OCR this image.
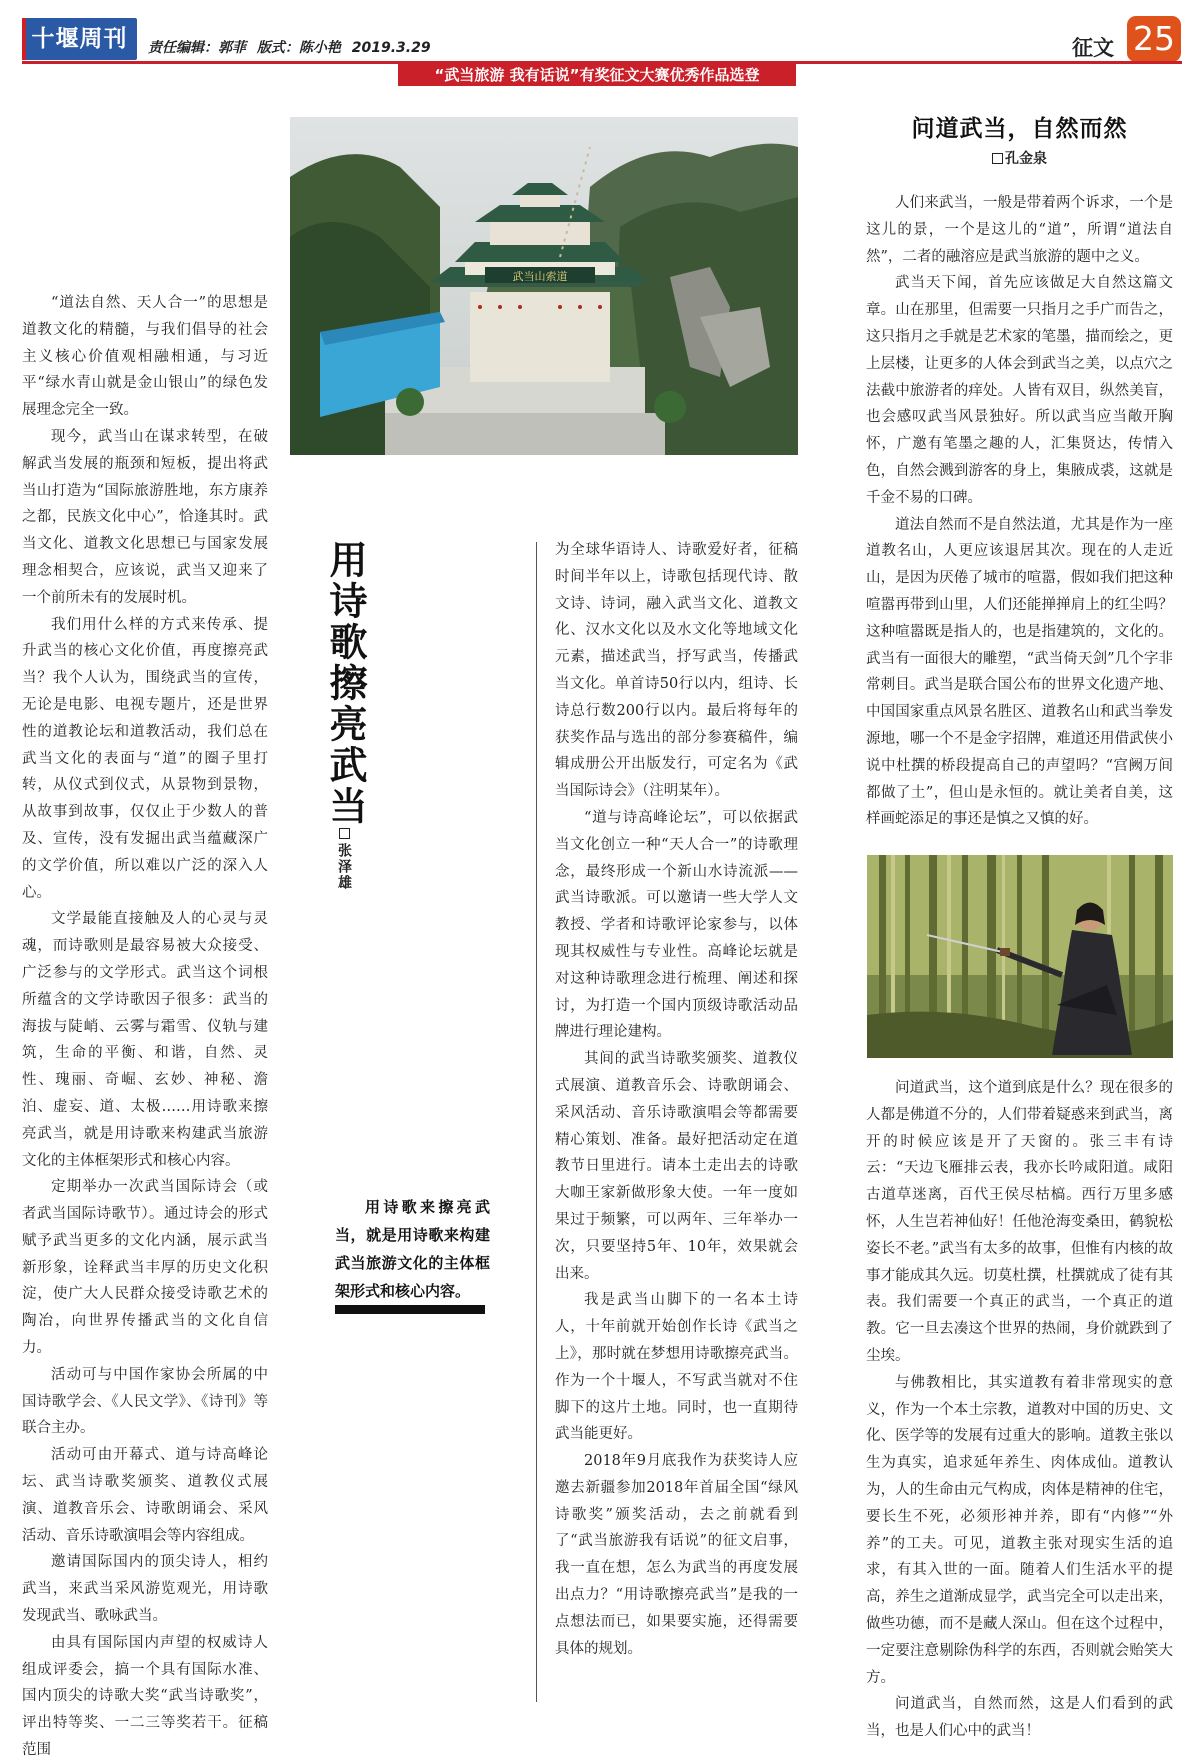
十堰周刊	责任编辑：郭菲 版式：陈小艳 2019.3.29	征文 25
“武当旅游 我有话说”有奖征文大赛优秀作品选登

“道法自然、天人合一”的思想是道教文化的精髓，与我们倡导的社会主义核心价值观相融相通，与习近平“绿水青山就是金山银山”的绿色发展理念完全一致。

现今，武当山在谋求转型，在破解武当发展的瓶颈和短板，提出将武当山打造为“国际旅游胜地，东方康养之都，民族文化中心”，恰逢其时。武当文化、道教文化思想已与国家发展理念相契合，应该说，武当又迎来了一个前所未有的发展时机。

我们用什么样的方式来传承、提升武当的核心文化价值，再度擦亮武当？我个人认为，围绕武当的宣传，无论是电影、电视专题片，还是世界性的道教论坛和道教活动，我们总在武当文化的表面与“道”的圈子里打转，从仪式到仪式，从景物到景物，从故事到故事，仅仅止于少数人的普及、宣传，没有发掘出武当蕴藏深广的文学价值，所以难以广泛的深入人心。

文学最能直接触及人的心灵与灵魂，而诗歌则是最容易被大众接受、广泛参与的文学形式。武当这个词根所蕴含的文学诗歌因子很多：武当的海拔与陡峭、云雾与霜雪、仪轨与建筑，生命的平衡、和谐，自然、灵性、瑰丽、奇崛、玄妙、神秘、澹泊、虚妄、道、太极……用诗歌来擦亮武当，就是用诗歌来构建武当旅游文化的主体框架形式和核心内容。

定期举办一次武当国际诗会（或者武当国际诗歌节）。通过诗会的形式赋予武当更多的文化内涵，展示武当新形象，诠释武当丰厚的历史文化积淀，使广大人民群众接受诗歌艺术的陶冶，向世界传播武当的文化自信力。

活动可与中国作家协会所属的中国诗歌学会、《人民文学》、《诗刊》等联合主办。

活动可由开幕式、道与诗高峰论坛、武当诗歌奖颁奖、道教仪式展演、道教音乐会、诗歌朗诵会、采风活动、音乐诗歌演唱会等内容组成。

邀请国际国内的顶尖诗人，相约武当，来武当采风游览观光，用诗歌发现武当、歌咏武当。

由具有国际国内声望的权威诗人组成评委会，搞一个具有国际水准、国内顶尖的诗歌大奖“武当诗歌奖”，评出特等奖、一二三等奖若干。征稿范围

武当山索道
用诗歌擦亮武当
张泽雄
用诗歌来擦亮武当，就是用诗歌来构建武当旅游文化的主体框架形式和核心内容。

为全球华语诗人、诗歌爱好者，征稿时间半年以上，诗歌包括现代诗、散文诗、诗词，融入武当文化、道教文化、汉水文化以及水文化等地域文化元素，描述武当，抒写武当，传播武当文化。单首诗50行以内，组诗、长诗总行数200行以内。最后将每年的获奖作品与选出的部分参赛稿件，编辑成册公开出版发行，可定名为《武当国际诗会》（注明某年）。

“道与诗高峰论坛”，可以依据武当文化创立一种“天人合一”的诗歌理念，最终形成一个新山水诗流派——武当诗歌派。可以邀请一些大学人文教授、学者和诗歌评论家参与，以体现其权威性与专业性。高峰论坛就是对这种诗歌理念进行梳理、阐述和探讨，为打造一个国内顶级诗歌活动品牌进行理论建构。

其间的武当诗歌奖颁奖、道教仪式展演、道教音乐会、诗歌朗诵会、采风活动、音乐诗歌演唱会等都需要精心策划、准备。最好把活动定在道教节日里进行。请本土走出去的诗歌大咖王家新做形象大使。一年一度如果过于频繁，可以两年、三年举办一次，只要坚持5年、10年，效果就会出来。

我是武当山脚下的一名本土诗人，十年前就开始创作长诗《武当之上》，那时就在梦想用诗歌擦亮武当。作为一个十堰人，不写武当就对不住脚下的这片土地。同时，也一直期待武当能更好。

2018年9月底我作为获奖诗人应邀去新疆参加2018年首届全国“绿风诗歌奖”颁奖活动，去之前就看到了“武当旅游我有话说”的征文启事，我一直在想，怎么为武当的再度发展出点力？“用诗歌擦亮武当”是我的一点想法而已，如果要实施，还得需要具体的规划。

问道武当，自然而然
孔金泉

人们来武当，一般是带着两个诉求，一个是这儿的景，一个是这儿的“道”，所谓“道法自然”，二者的融溶应是武当旅游的题中之义。

武当天下闻，首先应该做足大自然这篇文章。山在那里，但需要一只指月之手广而告之，这只指月之手就是艺术家的笔墨，描而绘之，更上层楼，让更多的人体会到武当之美，以点穴之法截中旅游者的痒处。人皆有双目，纵然美盲，也会感叹武当风景独好。所以武当应当敞开胸怀，广邀有笔墨之趣的人，汇集贤达，传情入色，自然会溅到游客的身上，集腋成裘，这就是千金不易的口碑。

道法自然而不是自然法道，尤其是作为一座道教名山，人更应该退居其次。现在的人走近山，是因为厌倦了城市的喧嚣，假如我们把这种喧嚣再带到山里，人们还能掸掸肩上的红尘吗？这种喧嚣既是指人的，也是指建筑的，文化的。武当有一面很大的雕塑，“武当倚天剑”几个字非常刺目。武当是联合国公布的世界文化遗产地、中国国家重点风景名胜区、道教名山和武当拳发源地，哪一个不是金字招牌，难道还用借武侠小说中杜撰的桥段提高自己的声望吗？“宫阙万间都做了土”，但山是永恒的。就让美者自美，这样画蛇添足的事还是慎之又慎的好。

问道武当，这个道到底是什么？现在很多的人都是佛道不分的，人们带着疑惑来到武当，离开的时候应该是开了天窗的。张三丰有诗云：“天边飞雁排云表，我亦长吟咸阳道。咸阳古道草迷离，百代王侯尽枯槁。西行万里多感怀，人生岂若神仙好！任他沧海变桑田，鹤貌松姿长不老。”武当有太多的故事，但惟有内核的故事才能成其久远。切莫杜撰，杜撰就成了徒有其表。我们需要一个真正的武当，一个真正的道教。它一旦去凑这个世界的热闹，身价就跌到了尘埃。

与佛教相比，其实道教有着非常现实的意义，作为一个本土宗教，道教对中国的历史、文化、医学等的发展有过重大的影响。道教主张以生为真实，追求延年养生、肉体成仙。道教认为，人的生命由元气构成，肉体是精神的住宅，要长生不死，必须形神并养，即有“内修”“外养”的工夫。可见，道教主张对现实生活的追求，有其入世的一面。随着人们生活水平的提高，养生之道渐成显学，武当完全可以走出来，做些功德，而不是藏人深山。但在这个过程中，一定要注意剔除伪科学的东西，否则就会贻笑大方。

问道武当，自然而然，这是人们看到的武当，也是人们心中的武当！
